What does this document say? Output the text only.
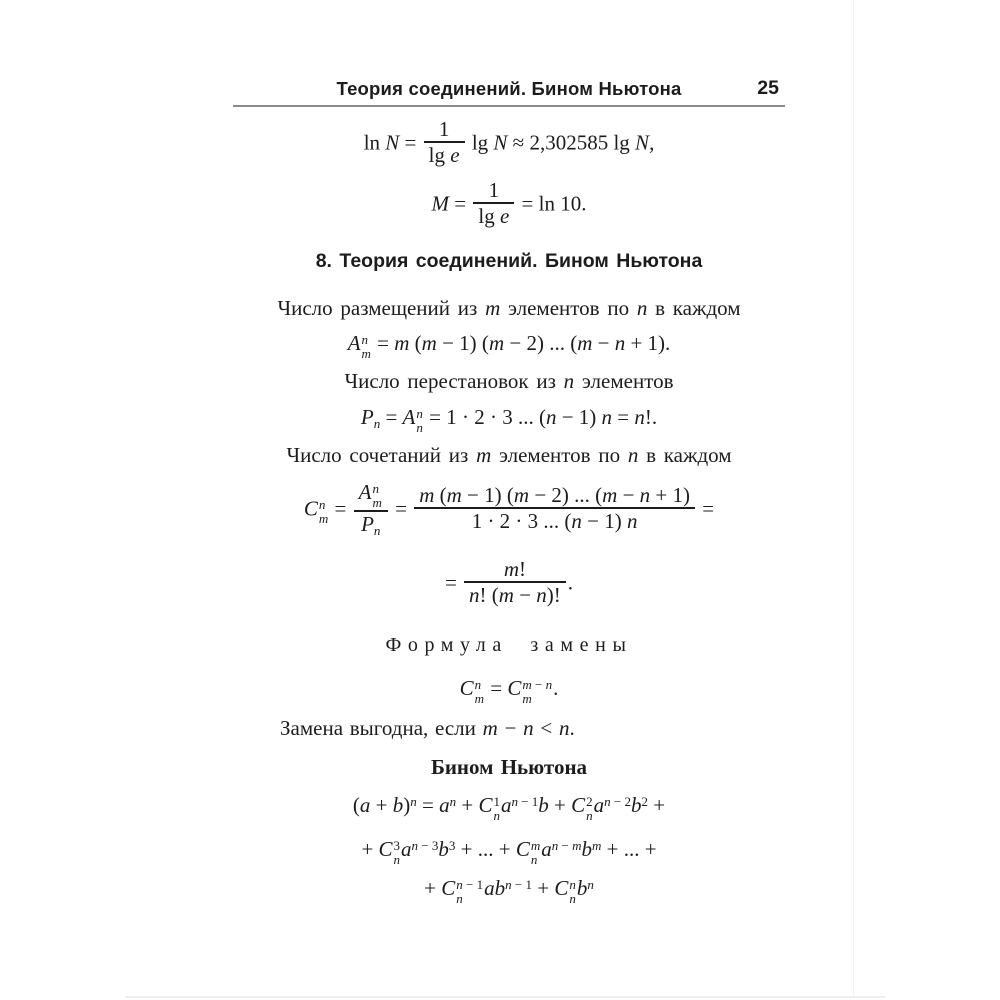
Теория соединений. Бином Ньютона	25
$\ln N = \frac{1}{\text{lg e}}$ lg N ≈ 2,302585 lg N,
$M = \frac{1}{\text{lg e}} = \ln 10$.
8. Теория соединений. Бином Ньютона
Число размещений из m элементов по n в каждом
A n
m = m (m − 1) (m − 2) ... (m − n + 1).
Число перестановок из n элементов
$P_n = A$ n
n = 1 · 2 · 3 ... (n − 1) n = n!.
Число сочетаний из m элементов по n в каждом
C n
m = A n
m
$P_n = \frac{m (m - 1) (m - 2) ... (m - n + 1)}{1 \cdot 2 \cdot 3 ... (n - 1) n}$ =
= $\frac{m!}{n! (m - n)!}$ .
Формула замены
C n
m = C m − n
m	.
Замена выгодна, если m − n < n.
Бином Ньютона
$(a + b)^n = a^n + C$ 1
n $a^{n - 1}b + C$ 2
n $a^{n - 2}b^2$ +
+ C 3
n $a^{n - 3}b^3$ + ... + C m
n $a^{n - m}b^m$ + ... +
+ C n − 1
n	$ab^{n - 1} + C$ n
n $b^n$
